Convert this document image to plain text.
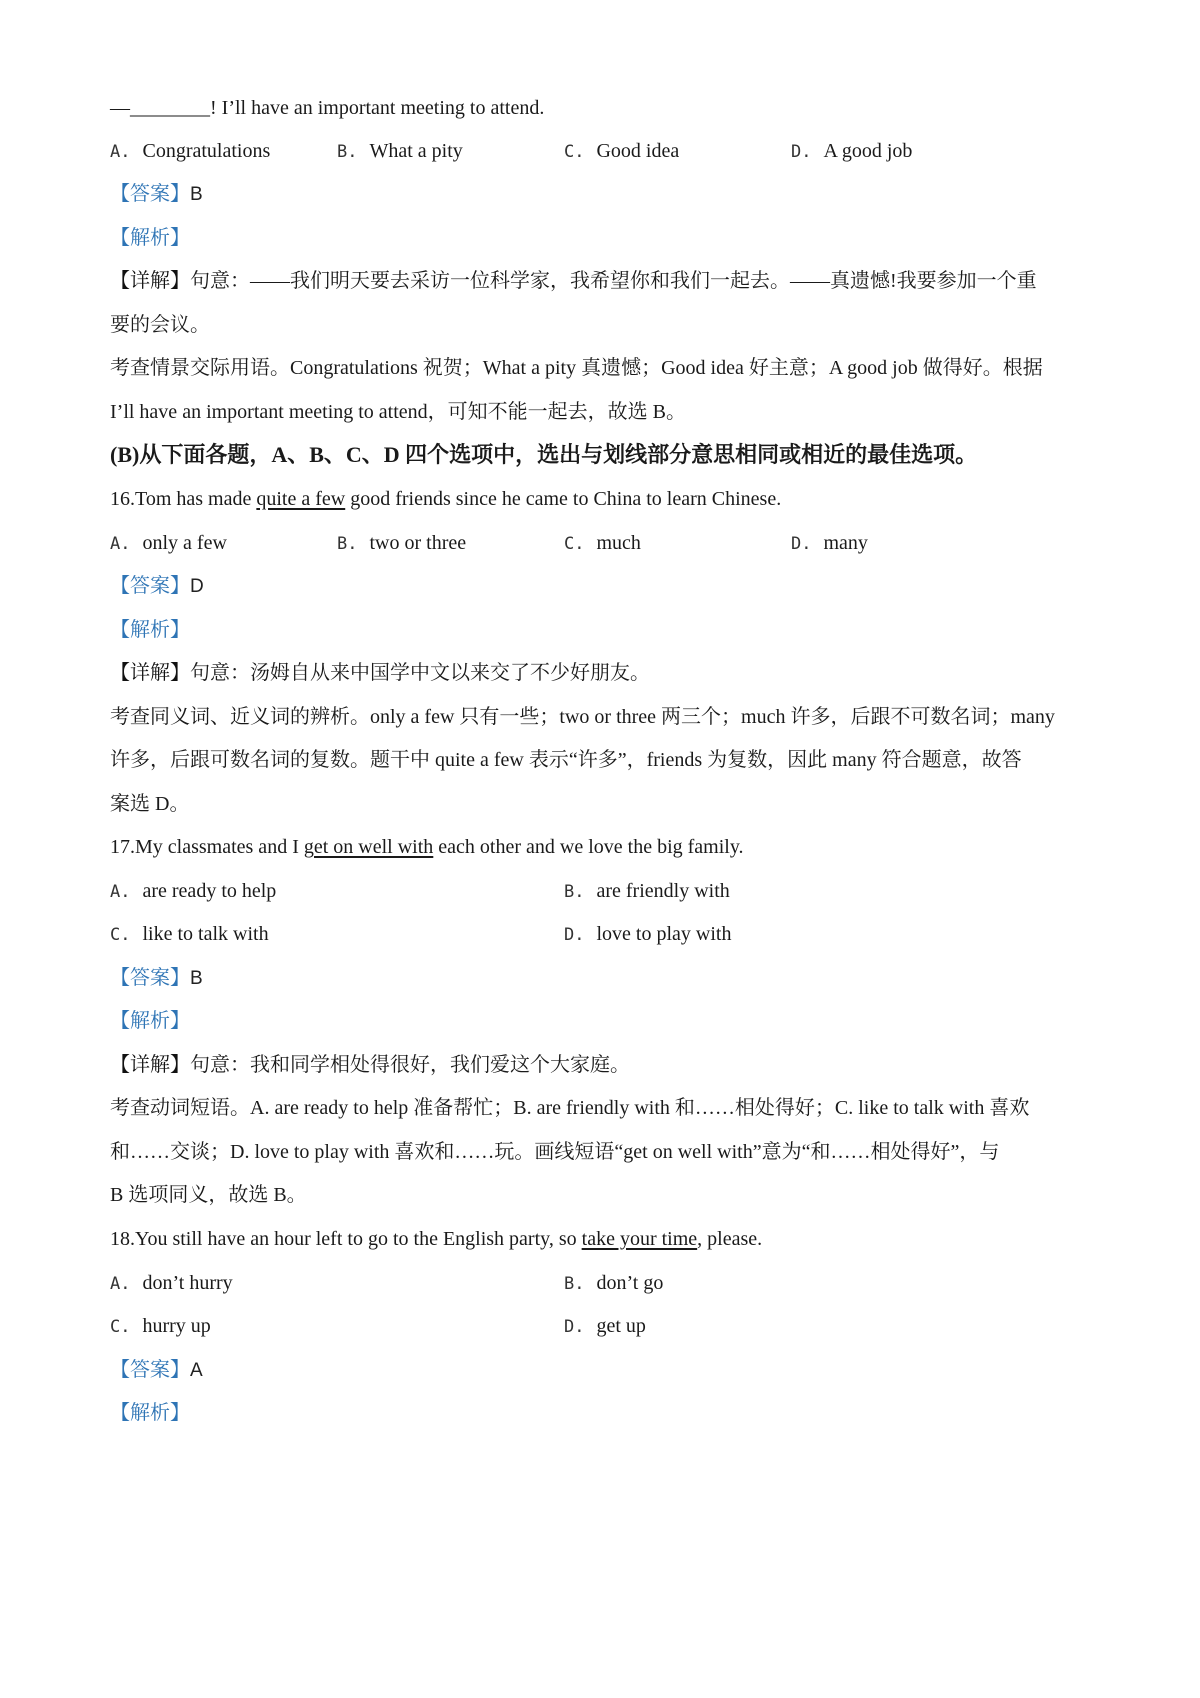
—________! I’ll have an important meeting to attend.
A. Congratulations	B. What a pity	C. Good idea	D. A good job
【答案】B
【解析】
【详解】句意：——我们明天要去采访一位科学家，我希望你和我们一起去。——真遗憾!我要参加一个重
要的会议。
考查情景交际用语。Congratulations 祝贺；What a pity 真遗憾；Good idea 好主意；A good job 做得好。根据
I’ll have an important meeting to attend，可知不能一起去，故选 B。
(B)从下面各题，A、B、C、D 四个选项中，选出与划线部分意思相同或相近的最佳选项。
16.Tom has made quite a few good friends since he came to China to learn Chinese.
A. only a few	B. two or three	C. much	D. many
【答案】D
【解析】
【详解】句意：汤姆自从来中国学中文以来交了不少好朋友。
考查同义词、近义词的辨析。only a few 只有一些；two or three 两三个；much 许多，后跟不可数名词；many
许多，后跟可数名词的复数。题干中 quite a few 表示“许多”，friends 为复数，因此 many 符合题意，故答
案选 D。
17.My classmates and I get on well with each other and we love the big family.
A. are ready to help	B. are friendly with
C. like to talk with	D. love to play with
【答案】B
【解析】
【详解】句意：我和同学相处得很好，我们爱这个大家庭。
考查动词短语。A. are ready to help 准备帮忙；B. are friendly with 和……相处得好；C. like to talk with 喜欢
和……交谈；D. love to play with 喜欢和……玩。画线短语“get on well with”意为“和……相处得好”，与
B 选项同义，故选 B。
18.You still have an hour left to go to the English party, so take your time, please.
A. don’t hurry	B. don’t go
C. hurry up	D. get up
【答案】A
【解析】
